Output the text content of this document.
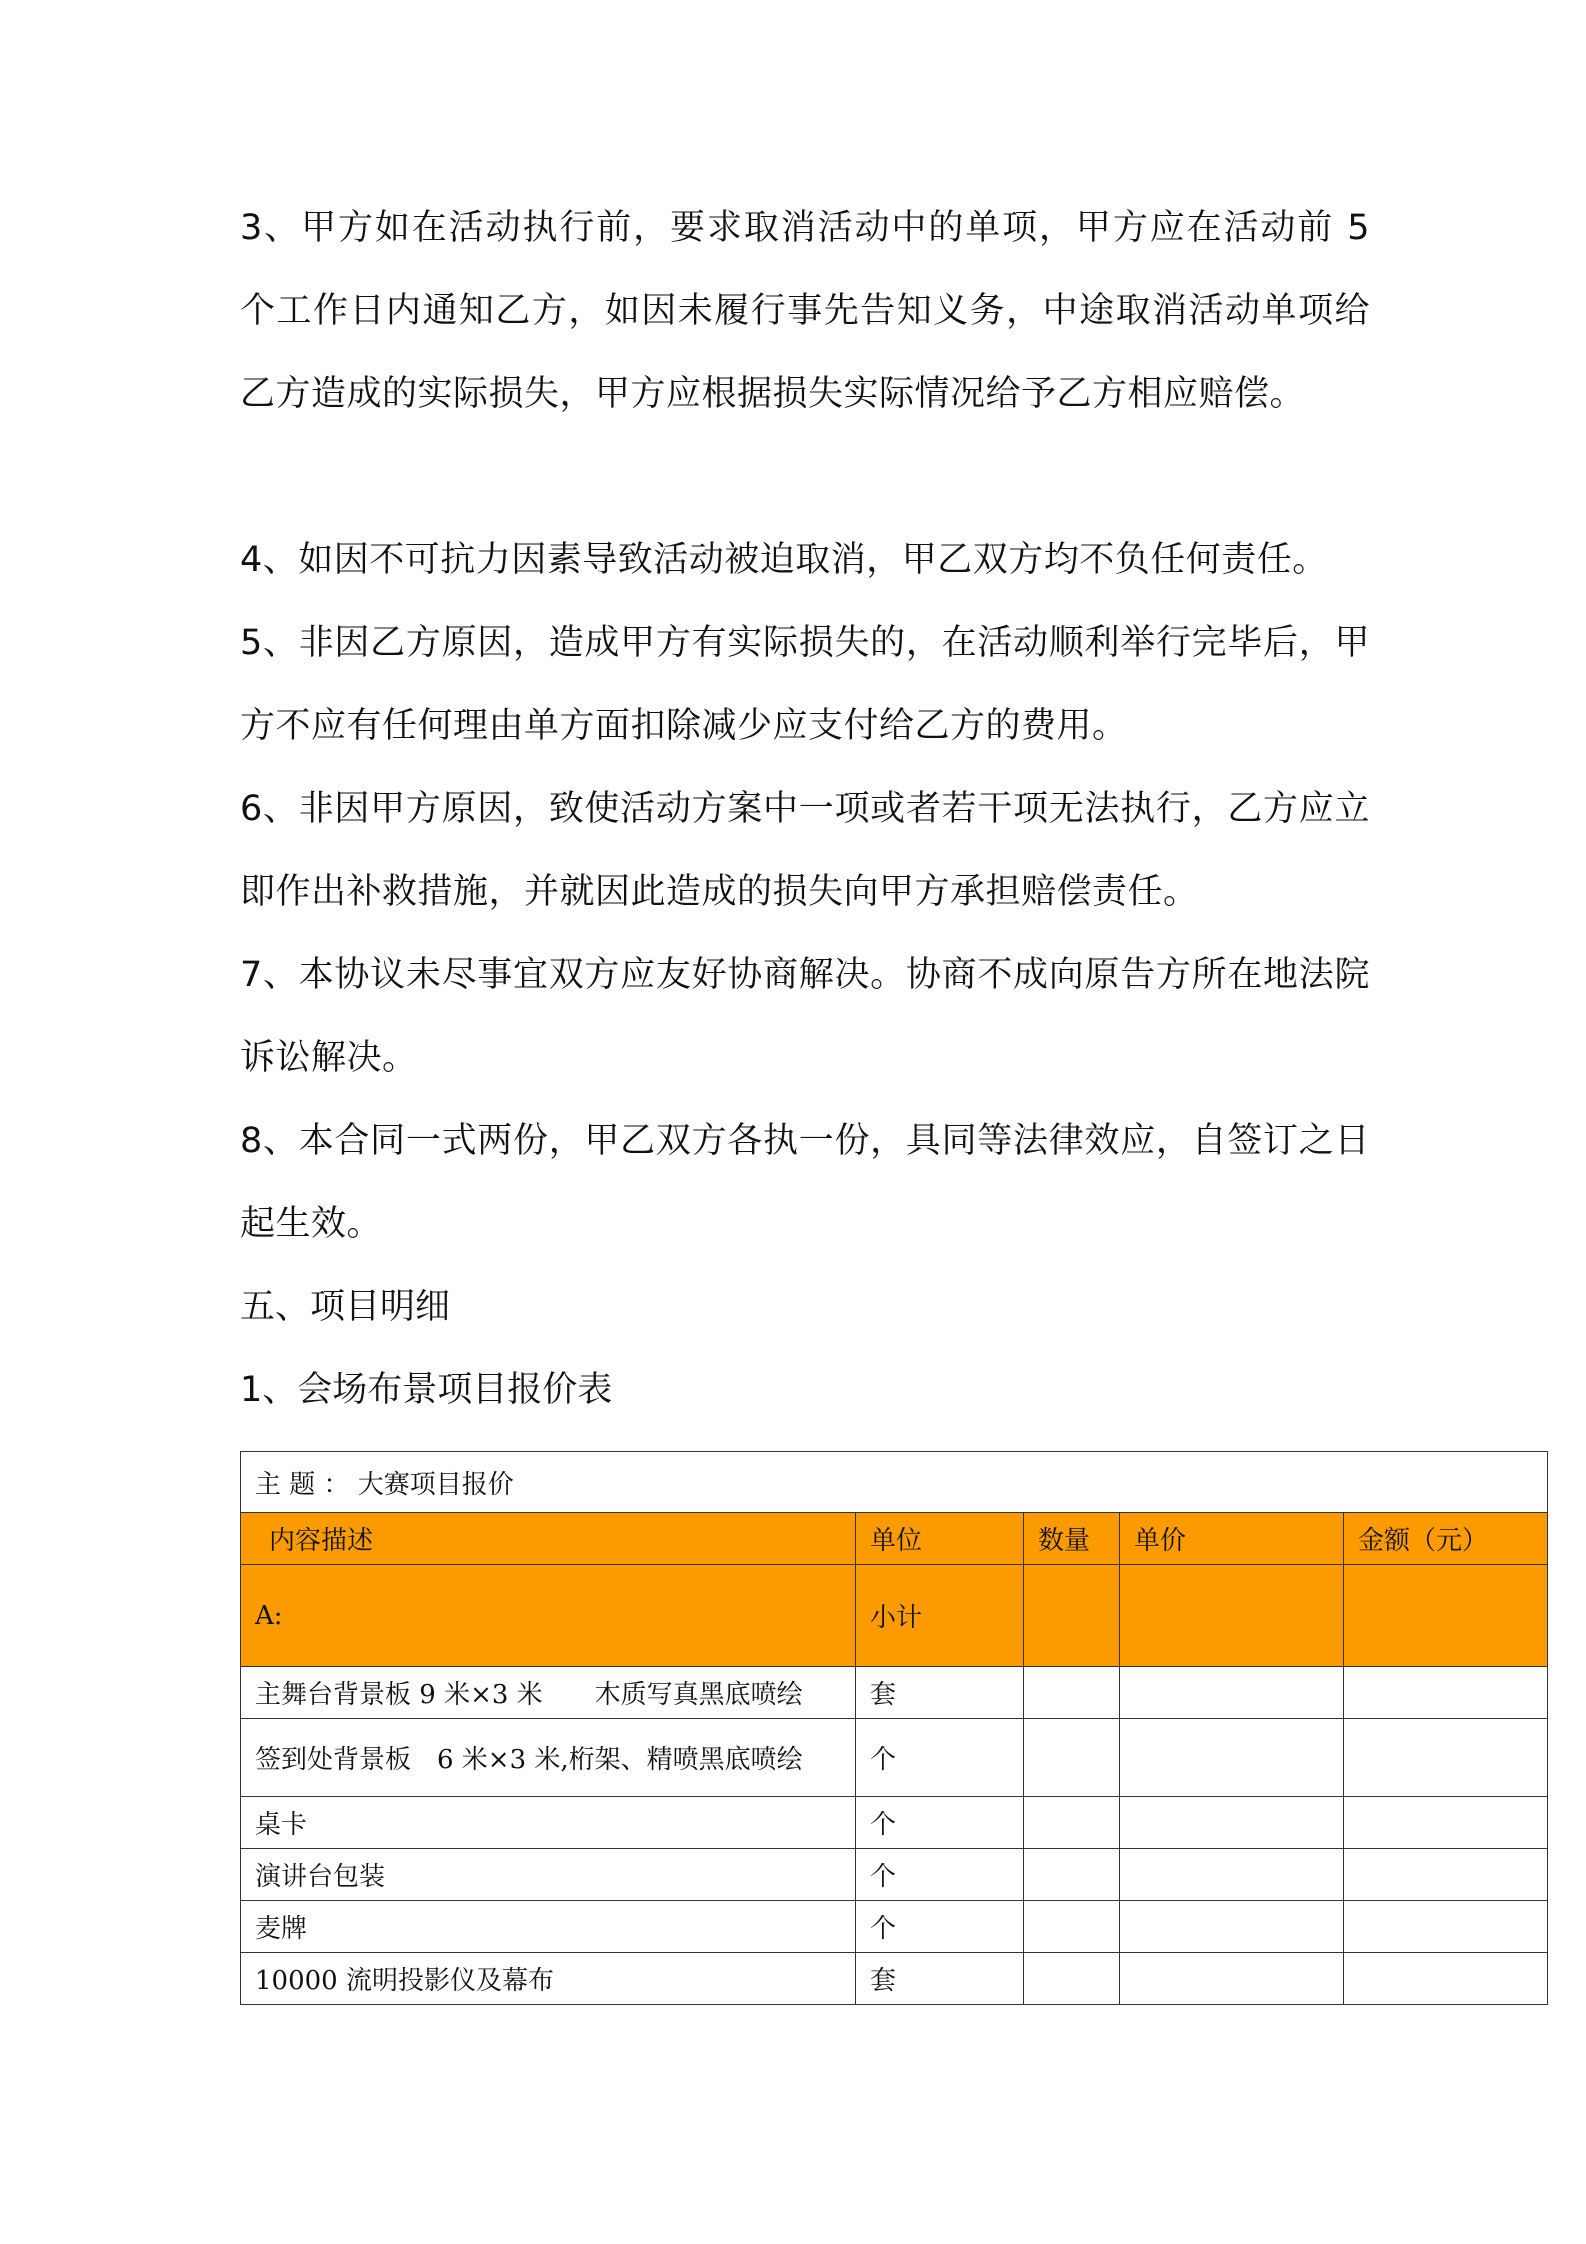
3、甲方如在活动执行前，要求取消活动中的单项，甲方应在活动前 5 个工作日内通知乙方，如因未履行事先告知义务，中途取消活动单项给乙方造成的实际损失，甲方应根据损失实际情况给予乙方相应赔偿。

4、如因不可抗力因素导致活动被迫取消，甲乙双方均不负任何责任。

5、非因乙方原因，造成甲方有实际损失的，在活动顺利举行完毕后，甲方不应有任何理由单方面扣除减少应支付给乙方的费用。

6、非因甲方原因，致使活动方案中一项或者若干项无法执行，乙方应立即作出补救措施，并就因此造成的损失向甲方承担赔偿责任。

7、本协议未尽事宜双方应友好协商解决。协商不成向原告方所在地法院诉讼解决。

8、本合同一式两份，甲乙双方各执一份，具同等法律效应，自签订之日起生效。

五、项目明细

1、会场布景项目报价表

主 题 ： 大赛项目报价				
内容描述	单位	数量	单价	金额（元）
A:	小计			
主舞台背景板 9 米×3 米　　木质写真黑底喷绘	套			
签到处背景板　6 米×3 米,桁架、精喷黑底喷绘	个			
桌卡	个			
演讲台包装	个			
麦牌	个			
10000 流明投影仪及幕布	套			
